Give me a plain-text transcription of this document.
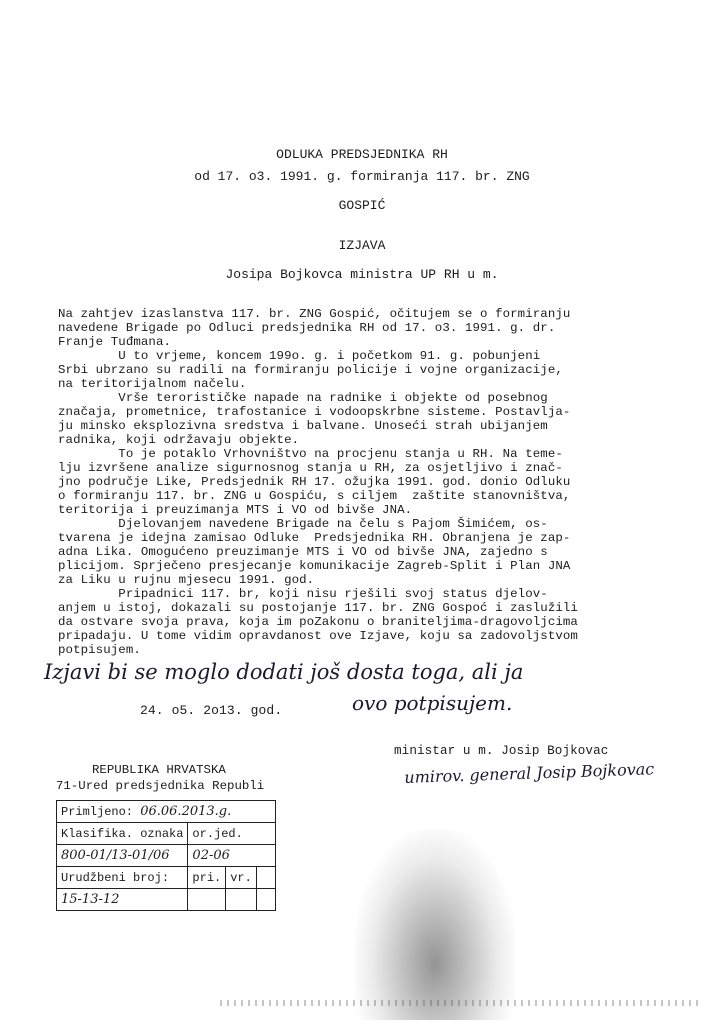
ODLUKA PREDSJEDNIKA RH
od 17. o3. 1991. g. formiranja 117. br. ZNG
GOSPIĆ
IZJAVA
Josipa Bojkovca ministra UP RH u m.
Na zahtjev izaslanstva 117. br. ZNG Gospić, očitujem se o formiranju
navedene Brigade po Odluci predsjednika RH od 17. o3. 1991. g. dr.
Franje Tuđmana.
U to vrjeme, koncem 199o. g. i početkom 91. g. pobunjeni
Srbi ubrzano su radili na formiranju policije i vojne organizacije,
na teritorijalnom načelu.
Vrše terorističke napade na radnike i objekte od posebnog
značaja, prometnice, trafostanice i vodoopskrbne sisteme. Postavlja-
ju minsko eksplozivna sredstva i balvane. Unoseći strah ubijanjem
radnika, koji održavaju objekte.
To je potaklo Vrhovništvo na procjenu stanja u RH. Na teme-
lju izvršene analize sigurnosnog stanja u RH, za osjetljivo i znač-
jno područje Like, Predsjednik RH 17. ožujka 1991. god. donio Odluku
o formiranju 117. br. ZNG u Gospiću, s ciljem  zaštite stanovništva,
teritorija i preuzimanja MTS i VO od bivše JNA.
Djelovanjem navedene Brigade na čelu s Pajom Šimićem, os-
tvarena je idejna zamisao Odluke  Predsjednika RH. Obranjena je zap-
adna Lika. Omogućeno preuzimanje MTS i VO od bivše JNA, zajedno s
plicijom. Sprječeno presjecanje komunikacije Zagreb-Split i Plan JNA
za Liku u rujnu mjesecu 1991. god.
Pripadnici 117. br, koji nisu rješili svoj status djelov-
anjem u istoj, dokazali su postojanje 117. br. ZNG Gospoć i zaslužili
da ostvare svoja prava, koja im poZakonu o braniteljima-dragovoljcima
pripadaju. U tome vidim opravdanost ove Izjave, koju sa zadovoljstvom
potpisujem.
Izjavi bi se moglo dodati još dosta toga, ali ja
ovo potpisujem.
24. o5. 2o13. god.
REPUBLIKA HRVATSKA
71-Ured predsjednika Republi
Primljeno: 06.06.2013.g.			
Klasifika. oznaka	or.jed.		
800-01/13-01/06	02-06		
Urudžbeni broj:	pri.	vr.	
15-13-12			
ministar u m. Josip Bojkovac
umirov. general Josip Bojkovac
